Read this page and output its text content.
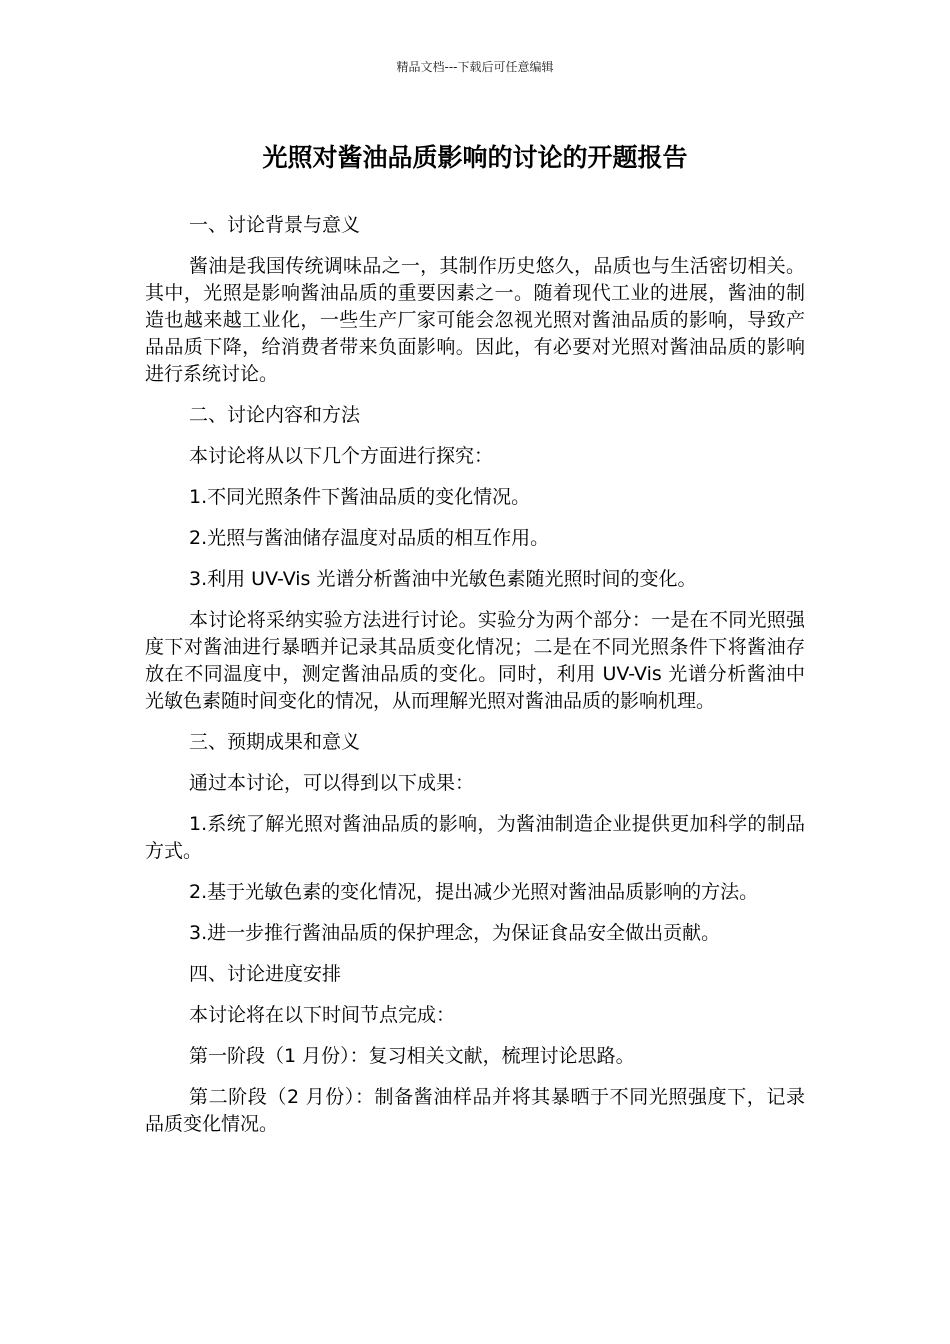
精品文档---下载后可任意编辑
光照对酱油品质影响的讨论的开题报告

一、讨论背景与意义

酱油是我国传统调味品之一，其制作历史悠久，品质也与生活密切相关。其中，光照是影响酱油品质的重要因素之一。随着现代工业的进展，酱油的制造也越来越工业化，一些生产厂家可能会忽视光照对酱油品质的影响，导致产品品质下降，给消费者带来负面影响。因此，有必要对光照对酱油品质的影响进行系统讨论。

二、讨论内容和方法

本讨论将从以下几个方面进行探究：

1.不同光照条件下酱油品质的变化情况。

2.光照与酱油储存温度对品质的相互作用。

3.利用 UV-Vis 光谱分析酱油中光敏色素随光照时间的变化。

本讨论将采纳实验方法进行讨论。实验分为两个部分：一是在不同光照强度下对酱油进行暴晒并记录其品质变化情况；二是在不同光照条件下将酱油存放在不同温度中，测定酱油品质的变化。同时，利用 UV-Vis 光谱分析酱油中光敏色素随时间变化的情况，从而理解光照对酱油品质的影响机理。

三、预期成果和意义

通过本讨论，可以得到以下成果：

1.系统了解光照对酱油品质的影响，为酱油制造企业提供更加科学的制品方式。

2.基于光敏色素的变化情况，提出减少光照对酱油品质影响的方法。

3.进一步推行酱油品质的保护理念，为保证食品安全做出贡献。

四、讨论进度安排

本讨论将在以下时间节点完成：

第一阶段（1 月份）：复习相关文献，梳理讨论思路。

第二阶段（2 月份）：制备酱油样品并将其暴晒于不同光照强度下，记录品质变化情况。
